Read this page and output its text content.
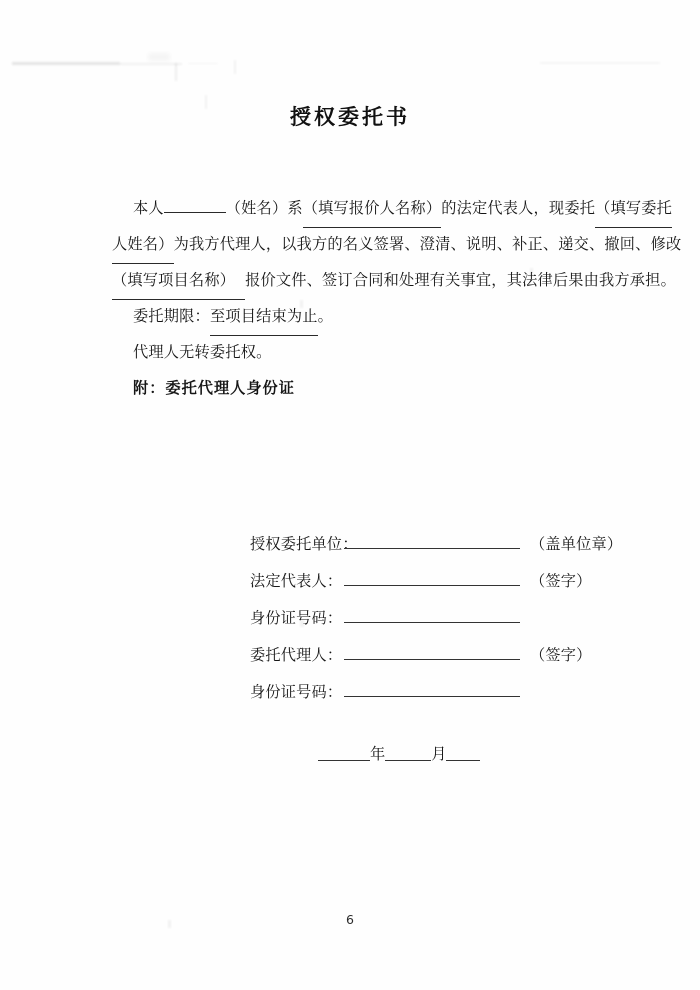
授权委托书
本人	（姓名）系（填写报价人名称）的法定代表人，现委托（填写委托
人姓名）为我方代理人，以我方的名义签署、澄清、说明、补正、递交、撤回、修改
（填写项目名称） 报价文件、签订合同和处理有关事宜，其法律后果由我方承担。
委托期限：至项目结束为止。
代理人无转委托权。
附：委托代理人身份证
授权委托单位：	（盖单位章）
法定代表人：	（签字）
身份证号码：
委托代理人：	（签字）
身份证号码：
年	月
6
